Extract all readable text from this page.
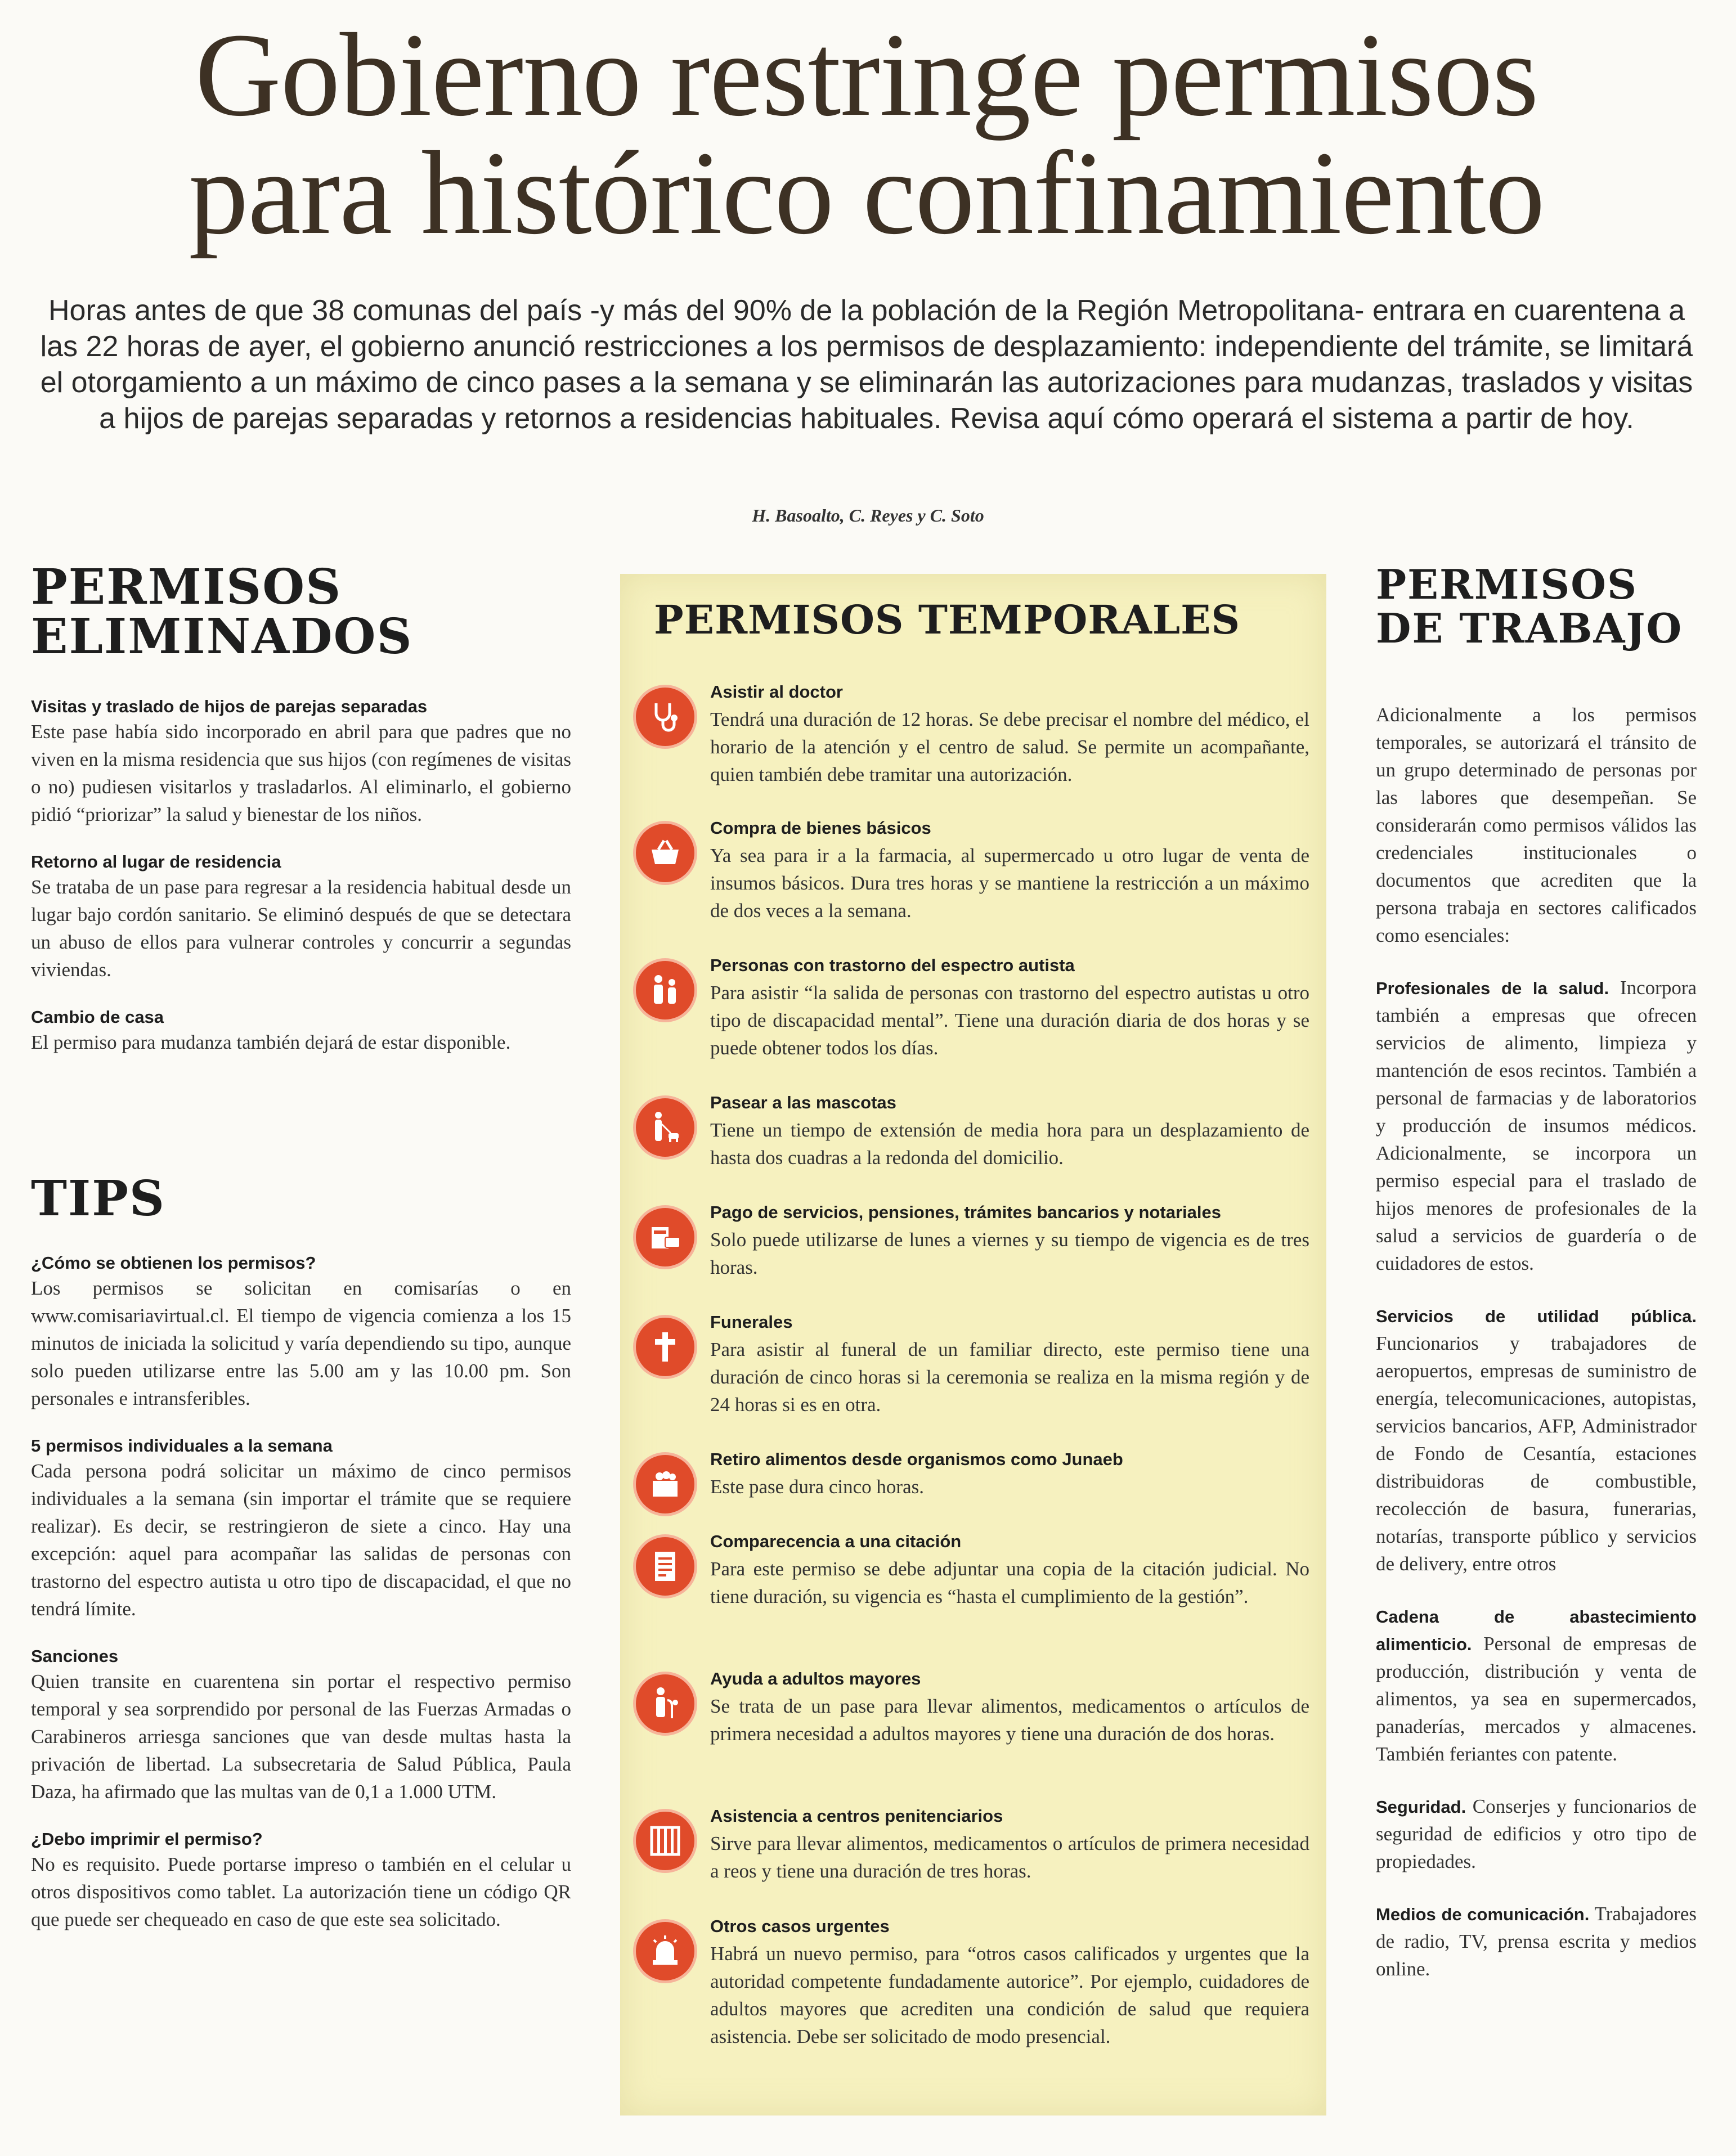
Gobierno restringe permisos
para histórico confinamiento

Horas antes de que 38 comunas del país -y más del 90% de la población de la Región Metropolitana- entrara en cuarentena a las 22 horas de ayer, el gobierno anunció restricciones a los permisos de desplazamiento: independiente del trámite, se limitará el otorgamiento a un máximo de cinco pases a la semana y se eliminarán las autorizaciones para mudanzas, traslados y visitas a hijos de parejas separadas y retornos a residencias habituales. Revisa aquí cómo operará el sistema a partir de hoy.

H. Basoalto, C. Reyes y C. Soto
PERMISOS
ELIMINADOS

Visitas y traslado de hijos de parejas separadas

Este pase había sido incorporado en abril para que padres que no viven en la misma residencia que sus hijos (con regímenes de visitas o no) pudiesen visitarlos y trasladarlos. Al eliminarlo, el gobierno pidió “priorizar” la salud y bienestar de los niños.

Retorno al lugar de residencia

Se trataba de un pase para regresar a la residencia habitual desde un lugar bajo cordón sanitario. Se eliminó después de que se detectara un abuso de ellos para vulnerar controles y concurrir a segundas viviendas.

Cambio de casa

El permiso para mudanza también dejará de estar disponible.

TIPS

¿Cómo se obtienen los permisos?

Los permisos se solicitan en comisarías o en www.comisariavirtual.cl. El tiempo de vigencia comienza a los 15 minutos de iniciada la solicitud y varía dependiendo su tipo, aunque solo pueden utilizarse entre las 5.00 am y las 10.00 pm. Son personales e intransferibles.

5 permisos individuales a la semana

Cada persona podrá solicitar un máximo de cinco permisos individuales a la semana (sin importar el trámite que se requiere realizar). Es decir, se restringieron de siete a cinco. Hay una excepción: aquel para acompañar las salidas de personas con trastorno del espectro autista u otro tipo de discapacidad, el que no tendrá límite.

Sanciones

Quien transite en cuarentena sin portar el respectivo permiso temporal y sea sorprendido por personal de las Fuerzas Armadas o Carabineros arriesga sanciones que van desde multas hasta la privación de libertad. La subsecretaria de Salud Pública, Paula Daza, ha afirmado que las multas van de 0,1 a 1.000 UTM.

¿Debo imprimir el permiso?

No es requisito. Puede portarse impreso o también en el celular u otros dispositivos como tablet. La autorización tiene un código QR que puede ser chequeado en caso de que este sea solicitado.

PERMISOS TEMPORALES
Asistir al doctor

Tendrá una duración de 12 horas. Se debe precisar el nombre del médico, el horario de la atención y el centro de salud. Se permite un acompañante, quien también debe tramitar una autorización.

Compra de bienes básicos

Ya sea para ir a la farmacia, al supermercado u otro lugar de venta de insumos básicos. Dura tres horas y se mantiene la restricción a un máximo de dos veces a la semana.

Personas con trastorno del espectro autista

Para asistir “la salida de personas con trastorno del espectro autistas u otro tipo de discapacidad mental”. Tiene una duración diaria de dos horas y se puede obtener todos los días.

Pasear a las mascotas

Tiene un tiempo de extensión de media hora para un desplazamiento de hasta dos cuadras a la redonda del domicilio.

Pago de servicios, pensiones, trámites bancarios y notariales

Solo puede utilizarse de lunes a viernes y su tiempo de vigencia es de tres horas.

Funerales

Para asistir al funeral de un familiar directo, este permiso tiene una duración de cinco horas si la ceremonia se realiza en la misma región y de 24 horas si es en otra.

Retiro alimentos desde organismos como Junaeb

Este pase dura cinco horas.

Comparecencia a una citación

Para este permiso se debe adjuntar una copia de la citación judicial. No tiene duración, su vigencia es “hasta el cumplimiento de la gestión”.

Ayuda a adultos mayores

Se trata de un pase para llevar alimentos, medicamentos o artículos de primera necesidad a adultos mayores y tiene una duración de dos horas.

Asistencia a centros penitenciarios

Sirve para llevar alimentos, medicamentos o artículos de primera necesidad a reos y tiene una duración de tres horas.

Otros casos urgentes

Habrá un nuevo permiso, para “otros casos calificados y urgentes que la autoridad competente fundadamente autorice”. Por ejemplo, cuidadores de adultos mayores que acrediten una condición de salud que requiera asistencia. Debe ser solicitado de modo presencial.

PERMISOS
DE TRABAJO

Adicionalmente a los permisos temporales, se autorizará el tránsito de un grupo determinado de personas por las labores que desempeñan. Se considerarán como permisos válidos las credenciales institucionales o documentos que acrediten que la persona trabaja en sectores calificados como esenciales:

Profesionales de la salud. Incorpora también a empresas que ofrecen servicios de alimento, limpieza y mantención de esos recintos. También a personal de farmacias y de laboratorios y producción de insumos médicos. Adicionalmente, se incorpora un permiso especial para el traslado de hijos menores de profesionales de la salud a servicios de guardería o de cuidadores de estos.

Servicios de utilidad pública. Funcionarios y trabajadores de aeropuertos, empresas de suministro de energía, telecomunicaciones, autopistas, servicios bancarios, AFP, Administrador de Fondo de Cesantía, estaciones distribuidoras de combustible, recolección de basura, funerarias, notarías, transporte público y servicios de delivery, entre otros

Cadena de abastecimiento alimenticio. Personal de empresas de producción, distribución y venta de alimentos, ya sea en supermercados, panaderías, mercados y almacenes. También feriantes con patente.

Seguridad. Conserjes y funcionarios de seguridad de edificios y otro tipo de propiedades.

Medios de comunicación. Trabajadores de radio, TV, prensa escrita y medios online.
